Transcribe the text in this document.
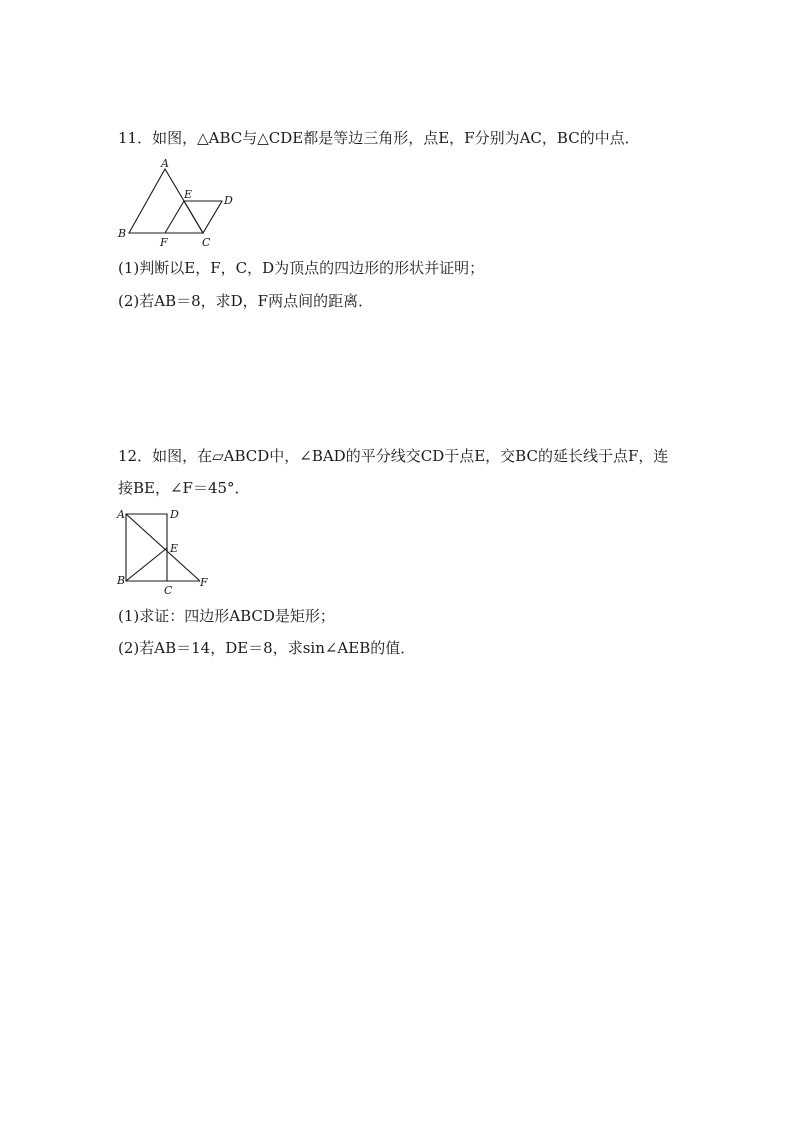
11．如图，△ABC与△CDE都是等边三角形，点E，F分别为AC，BC的中点．
A
B
C
D
E
F
(1)判断以E，F，C，D为顶点的四边形的形状并证明；
(2)若AB＝8，求D，F两点间的距离．
12．如图，在▱ABCD中，∠BAD的平分线交CD于点E，交BC的延长线于点F，连
接BE，∠F＝45°．
A	D
E
B
C
F
(1)求证：四边形ABCD是矩形；
(2)若AB＝14，DE＝8，求sin∠AEB的值．
